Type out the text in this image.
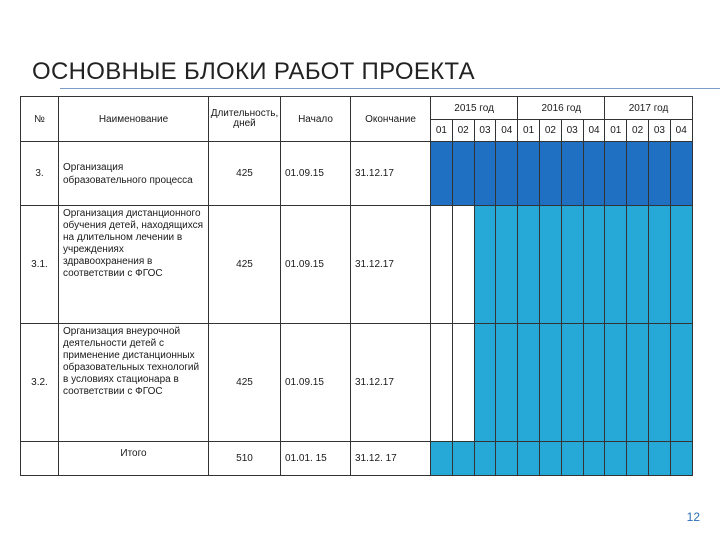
ОСНОВНЫЕ БЛОКИ РАБОТ ПРОЕКТА
№	Наименование	Длительность, дней	Начало	Окончание	2015 год				2016 год				2017 год			
					01	02	03	04	01	02	03	04	01	02	03	04
3.	Организация образовательного процесса	425	01.09.15	31.12.17												
3.1.	Организация дистанционного обучения детей, находящихся на длительном лечении в учреждениях здравоохранения в соответствии с ФГОС	425	01.09.15	31.12.17												
3.2.	Организация внеурочной деятельности детей с применение дистанционных образовательных технологий в условиях стационара в соответствии с ФГОС	425	01.09.15	31.12.17												
	Итого	510	01.01. 15	31.12. 17												
12
